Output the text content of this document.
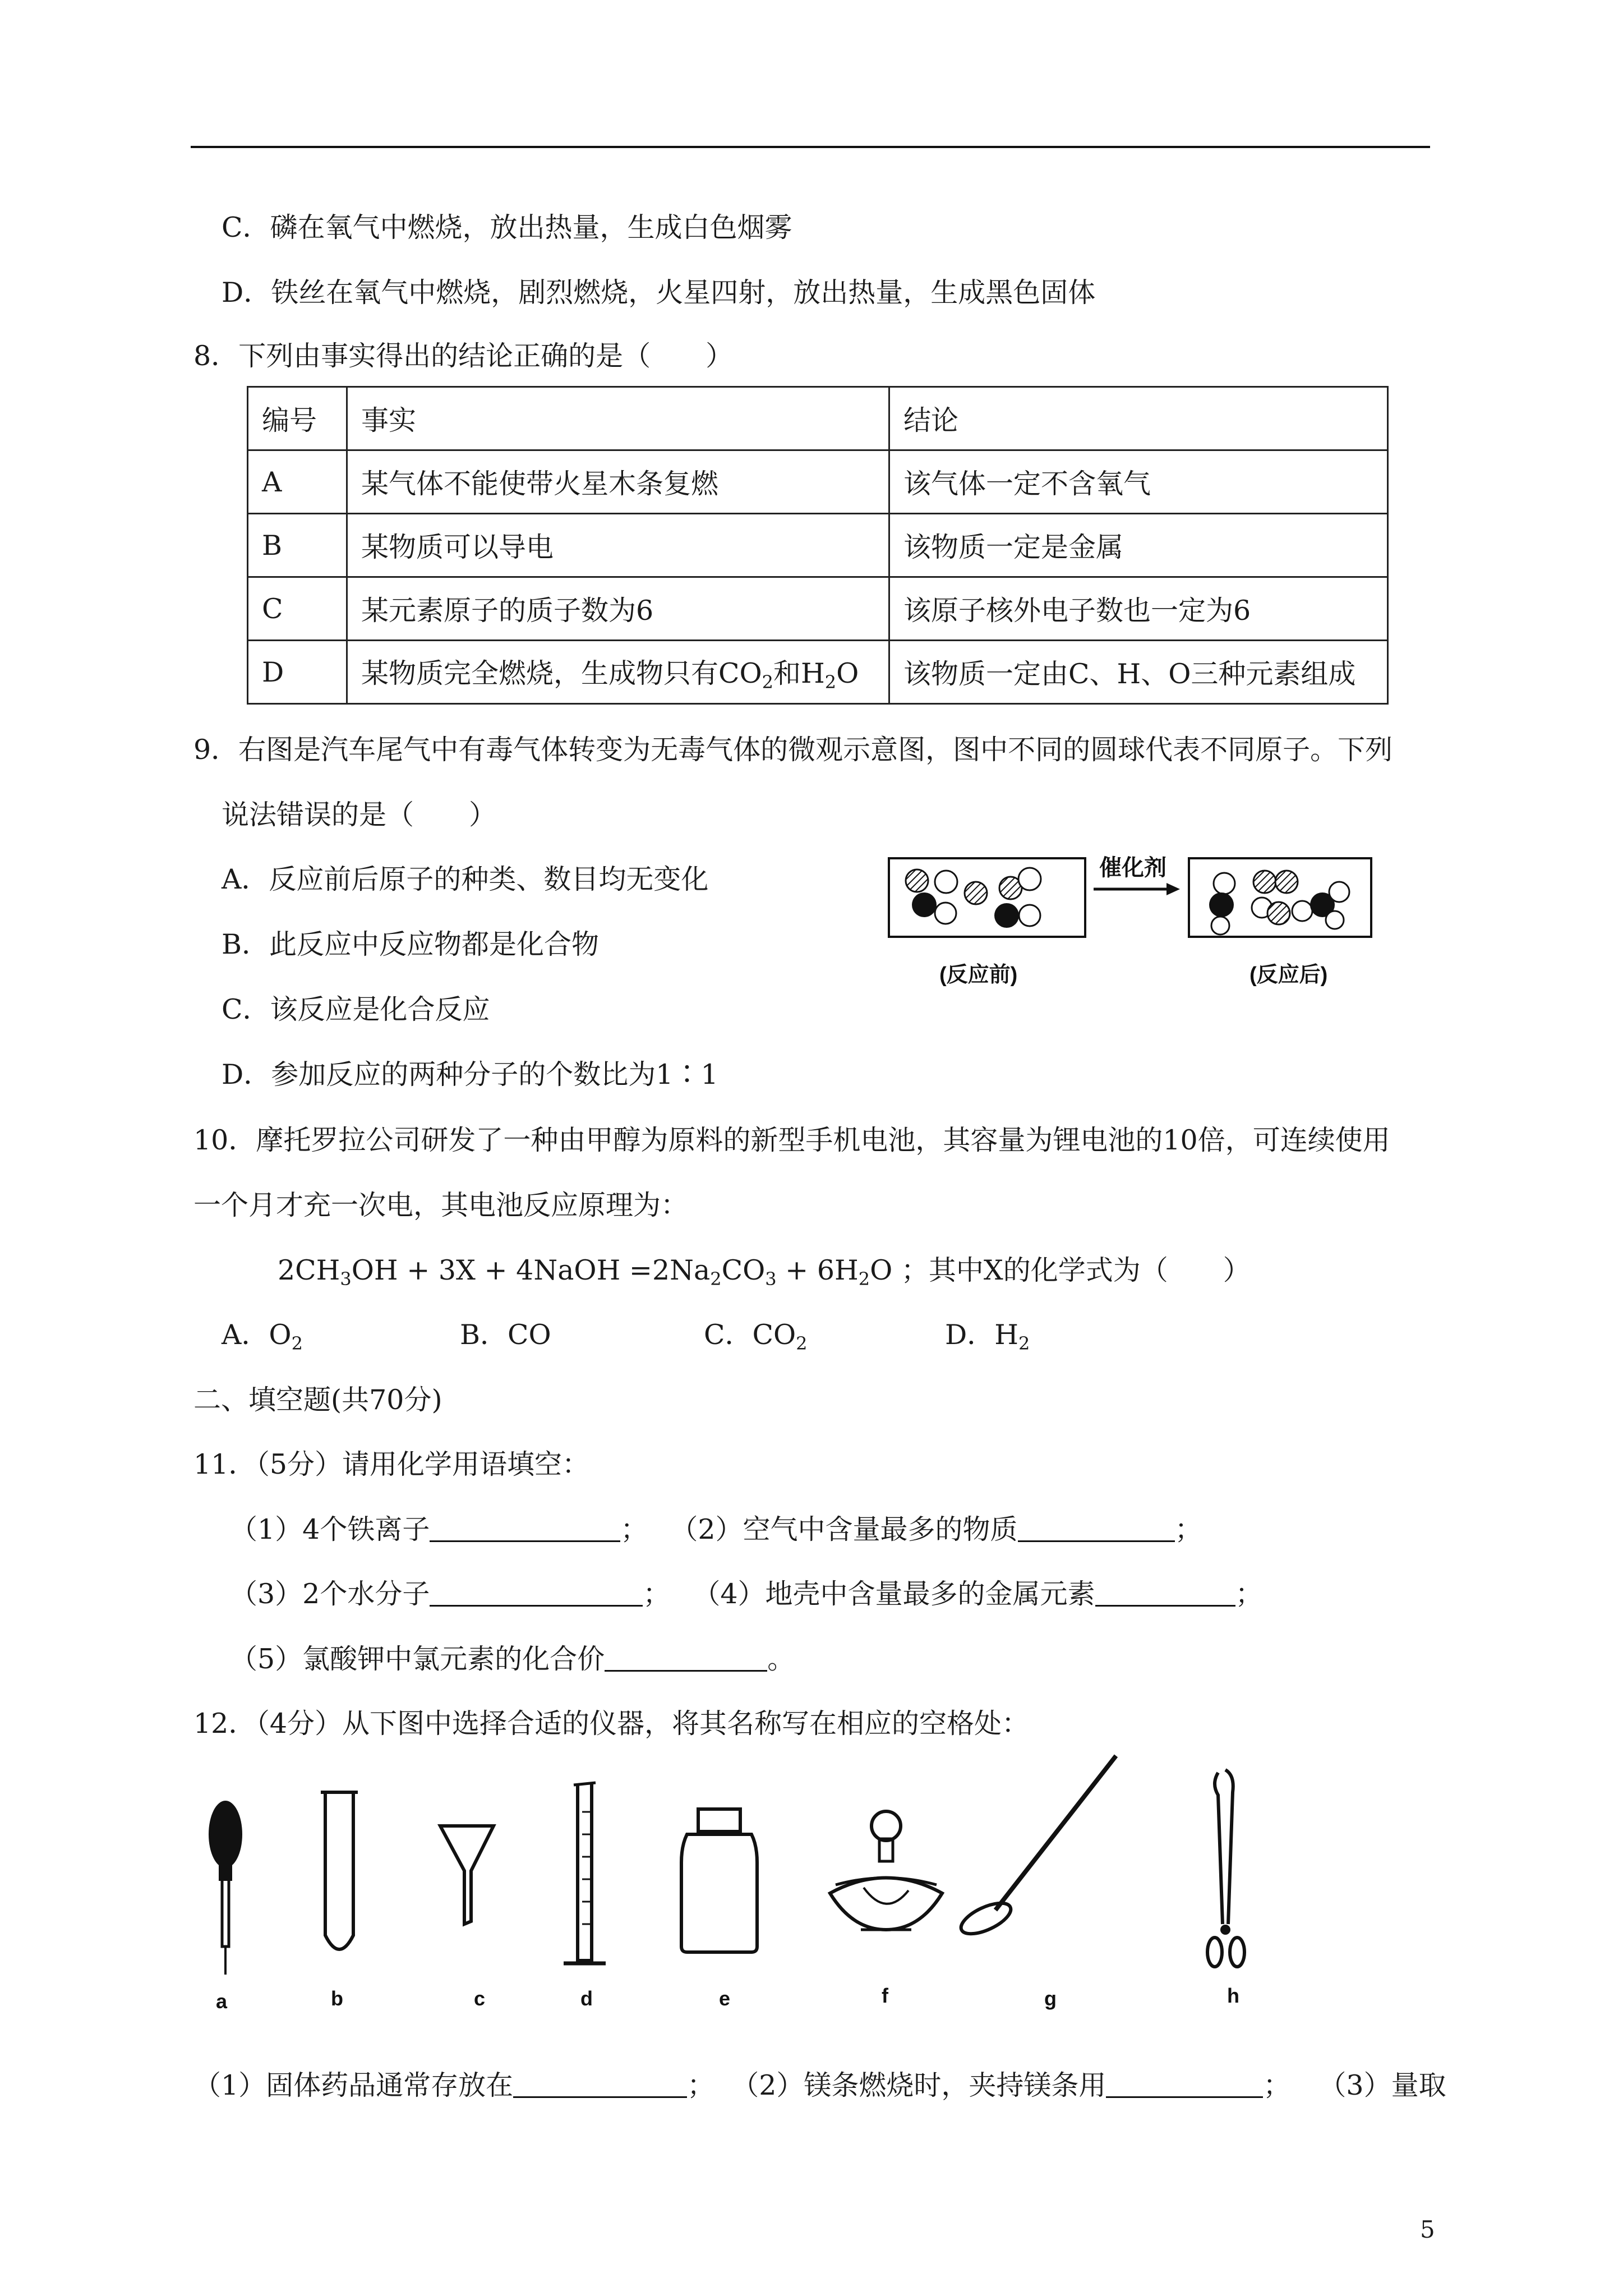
C．磷在氧气中燃烧，放出热量，生成白色烟雾
D．铁丝在氧气中燃烧，剧烈燃烧，火星四射，放出热量，生成黑色固体
8．下列由事实得出的结论正确的是（　　）
编号	事实	结论
A	某气体不能使带火星木条复燃	该气体一定不含氧气
B	某物质可以导电	该物质一定是金属
C	某元素原子的质子数为6	该原子核外电子数也一定为6
D	某物质完全燃烧，生成物只有$CO_2$和$H_2O$	该物质一定由C、H、O三种元素组成
9．右图是汽车尾气中有毒气体转变为无毒气体的微观示意图，图中不同的圆球代表不同原子。下列
说法错误的是（　　）
A．反应前后原子的种类、数目均无变化
B．此反应中反应物都是化合物
C．该反应是化合反应
D．参加反应的两种分子的个数比为1∶1
催化剂
(反应前)	(反应后)
10．摩托罗拉公司研发了一种由甲醇为原料的新型手机电池，其容量为锂电池的10倍，可连续使用
一个月才充一次电，其电池反应原理为：
$2CH_3OH + 3X$ + 4NaOH $=2Na_2CO_3 + 6H_2O$ ；其中X的化学式为（　　）
A．$O_2$	B．CO	C．$CO_2$	D．$H_2$
二、填空题(共70分)
11．（5分）请用化学用语填空：
（1）4个铁离子	； （2）空气中含量最多的物质	；
（3）2个水分子	； （4）地壳中含量最多的金属元素	；
（5）氯酸钾中氯元素的化合价	。
12．（4分）从下图中选择合适的仪器，将其名称写在相应的空格处：
a	b	c	d	e	f	g	h
（1）固体药品通常存放在	； （2）镁条燃烧时，夹持镁条用	； （3）量取
5
